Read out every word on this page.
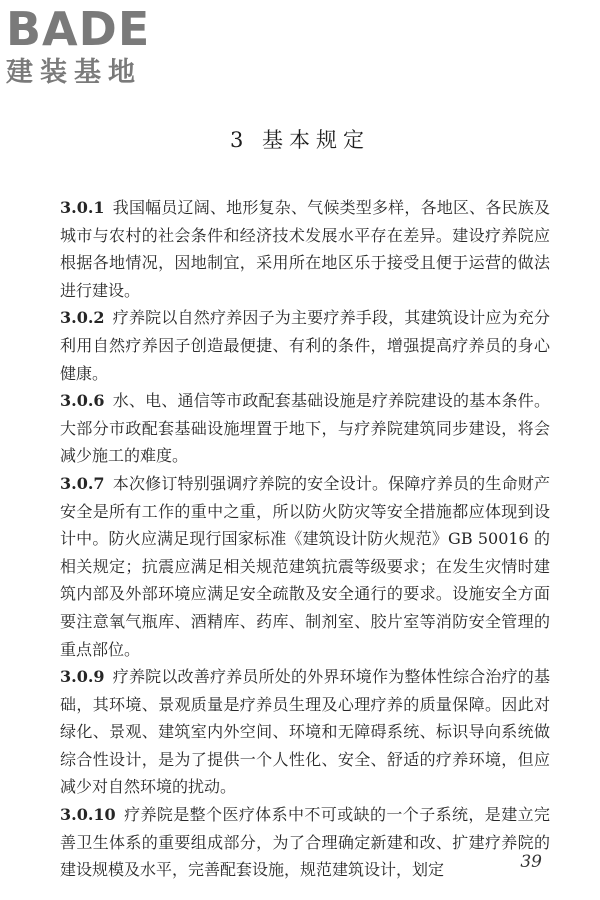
BADE
建装基地
3 基本规定

3.0.1 我国幅员辽阔、地形复杂、气候类型多样，各地区、各民族及城市与农村的社会条件和经济技术发展水平存在差异。建设疗养院应根据各地情况，因地制宜，采用所在地区乐于接受且便于运营的做法进行建设。

3.0.2 疗养院以自然疗养因子为主要疗养手段，其建筑设计应为充分利用自然疗养因子创造最便捷、有利的条件，增强提高疗养员的身心健康。

3.0.6 水、电、通信等市政配套基础设施是疗养院建设的基本条件。大部分市政配套基础设施埋置于地下，与疗养院建筑同步建设，将会减少施工的难度。

3.0.7 本次修订特别强调疗养院的安全设计。保障疗养员的生命财产安全是所有工作的重中之重，所以防火防灾等安全措施都应体现到设计中。防火应满足现行国家标准《建筑设计防火规范》GB 50016 的相关规定；抗震应满足相关规范建筑抗震等级要求；在发生灾情时建筑内部及外部环境应满足安全疏散及安全通行的要求。设施安全方面要注意氧气瓶库、酒精库、药库、制剂室、胶片室等消防安全管理的重点部位。

3.0.9 疗养院以改善疗养员所处的外界环境作为整体性综合治疗的基础，其环境、景观质量是疗养员生理及心理疗养的质量保障。因此对绿化、景观、建筑室内外空间、环境和无障碍系统、标识导向系统做综合性设计，是为了提供一个人性化、安全、舒适的疗养环境，但应减少对自然环境的扰动。

3.0.10 疗养院是整个医疗体系中不可或缺的一个子系统，是建立完善卫生体系的重要组成部分，为了合理确定新建和改、扩建疗养院的建设规模及水平，完善配套设施，规范建筑设计，划定	39
